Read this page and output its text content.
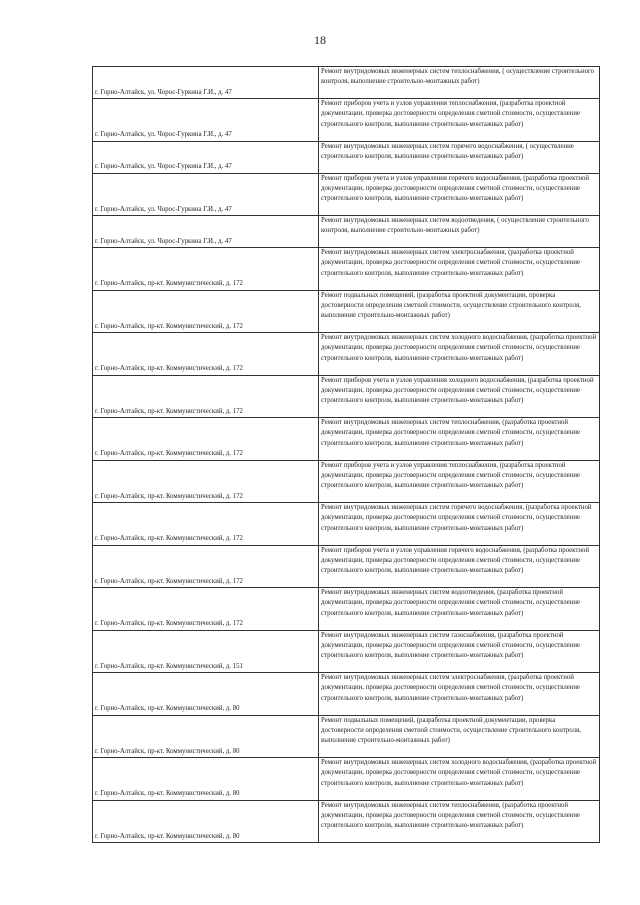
18
г. Горно-Алтайск, ул. Чорос-Гуркина Г.И., д. 47	Ремонт внутридомовых инженерных систем теплоснабжения, ( осуществление строительного контроля, выполнение строительно-монтажных работ)
г. Горно-Алтайск, ул. Чорос-Гуркина Г.И., д. 47	Ремонт приборов учета и узлов управления теплоснабжения, (разработка проектной документации, проверка достоверности определения сметной стоимости, осуществление строительного контроля, выполнение строительно-монтажных работ)
г. Горно-Алтайск, ул. Чорос-Гуркина Г.И., д. 47	Ремонт внутридомовых инженерных систем горячего водоснабжения, ( осуществление строительного контроля, выполнение строительно-монтажных работ)
г. Горно-Алтайск, ул. Чорос-Гуркина Г.И., д. 47	Ремонт приборов учета и узлов управления горячего водоснабжения, (разработка проектной документации, проверка достоверности определения сметной стоимости, осуществление строительного контроля, выполнение строительно-монтажных работ)
г. Горно-Алтайск, ул. Чорос-Гуркина Г.И., д. 47	Ремонт внутридомовых инженерных систем водоотведения, ( осуществление строительного контроля, выполнение строительно-монтажных работ)
г. Горно-Алтайск, пр-кт. Коммунистический, д. 172	Ремонт внутридомовых инженерных систем электроснабжения, (разработка проектной документации, проверка достоверности определения сметной стоимости, осуществление строительного контроля, выполнение строительно-монтажных работ)
г. Горно-Алтайск, пр-кт. Коммунистический, д. 172	Ремонт подвальных помещений, (разработка проектной документации, проверка достоверности определения сметной стоимости, осуществление строительного контроля, выполнение строительно-монтажных работ)
г. Горно-Алтайск, пр-кт. Коммунистический, д. 172	Ремонт внутридомовых инженерных систем холодного водоснабжения, (разработка проектной документации, проверка достоверности определения сметной стоимости, осуществление строительного контроля, выполнение строительно-монтажных работ)
г. Горно-Алтайск, пр-кт. Коммунистический, д. 172	Ремонт приборов учета и узлов управления холодного водоснабжения, (разработка проектной документации, проверка достоверности определения сметной стоимости, осуществление строительного контроля, выполнение строительно-монтажных работ)
г. Горно-Алтайск, пр-кт. Коммунистический, д. 172	Ремонт внутридомовых инженерных систем теплоснабжения, (разработка проектной документации, проверка достоверности определения сметной стоимости, осуществление строительного контроля, выполнение строительно-монтажных работ)
г. Горно-Алтайск, пр-кт. Коммунистический, д. 172	Ремонт приборов учета и узлов управления теплоснабжения, (разработка проектной документации, проверка достоверности определения сметной стоимости, осуществление строительного контроля, выполнение строительно-монтажных работ)
г. Горно-Алтайск, пр-кт. Коммунистический, д. 172	Ремонт внутридомовых инженерных систем горячего водоснабжения, (разработка проектной документации, проверка достоверности определения сметной стоимости, осуществление строительного контроля, выполнение строительно-монтажных работ)
г. Горно-Алтайск, пр-кт. Коммунистический, д. 172	Ремонт приборов учета и узлов управления горячего водоснабжения, (разработка проектной документации, проверка достоверности определения сметной стоимости, осуществление строительного контроля, выполнение строительно-монтажных работ)
г. Горно-Алтайск, пр-кт. Коммунистический, д. 172	Ремонт внутридомовых инженерных систем водоотведения, (разработка проектной документации, проверка достоверности определения сметной стоимости, осуществление строительного контроля, выполнение строительно-монтажных работ)
г. Горно-Алтайск, пр-кт. Коммунистический, д. 151	Ремонт внутридомовых инженерных систем газоснабжения, (разработка проектной документации, проверка достоверности определения сметной стоимости, осуществление строительного контроля, выполнение строительно-монтажных работ)
г. Горно-Алтайск, пр-кт. Коммунистический, д. 80	Ремонт внутридомовых инженерных систем электроснабжения, (разработка проектной документации, проверка достоверности определения сметной стоимости, осуществление строительного контроля, выполнение строительно-монтажных работ)
г. Горно-Алтайск, пр-кт. Коммунистический, д. 80	Ремонт подвальных помещений, (разработка проектной документации, проверка достоверности определения сметной стоимости, осуществление строительного контроля, выполнение строительно-монтажных работ)
г. Горно-Алтайск, пр-кт. Коммунистический, д. 80	Ремонт внутридомовых инженерных систем холодного водоснабжения, (разработка проектной документации, проверка достоверности определения сметной стоимости, осуществление строительного контроля, выполнение строительно-монтажных работ)
г. Горно-Алтайск, пр-кт. Коммунистический, д. 80	Ремонт внутридомовых инженерных систем теплоснабжения, (разработка проектной документации, проверка достоверности определения сметной стоимости, осуществление строительного контроля, выполнение строительно-монтажных работ)
